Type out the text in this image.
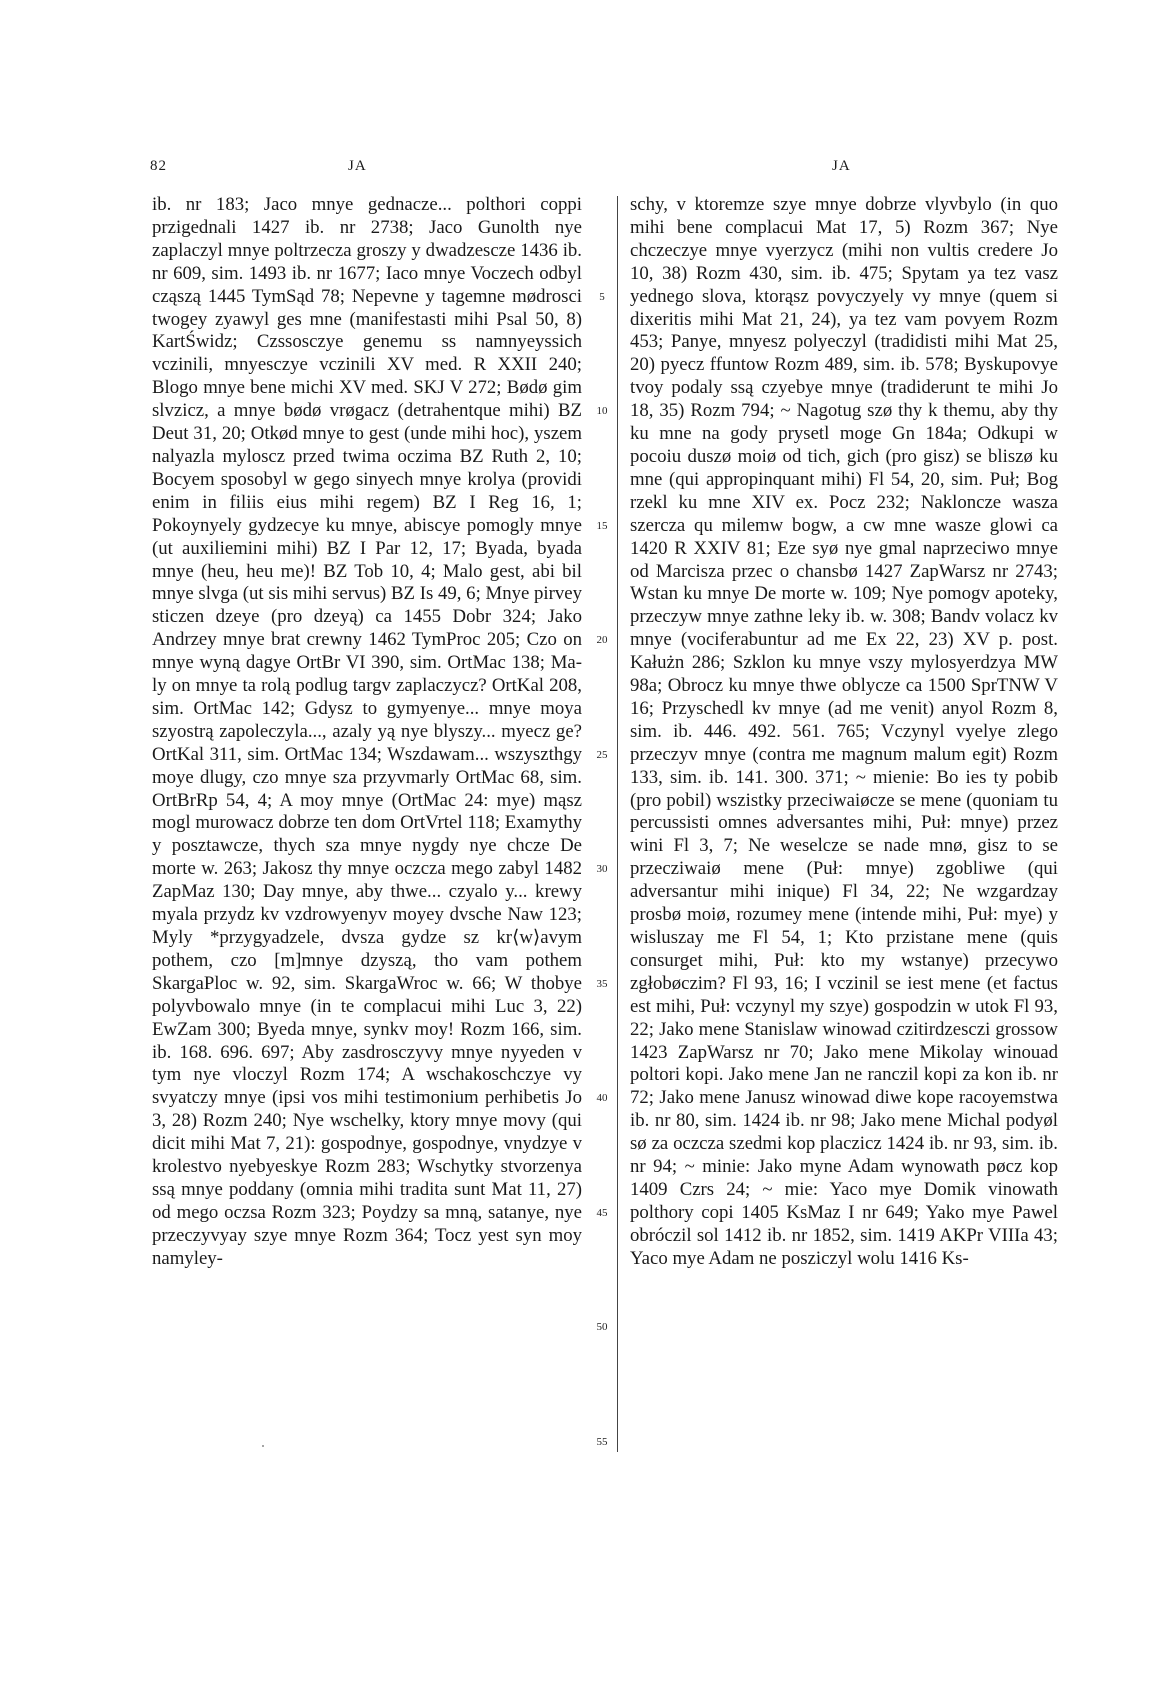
82	JA	JA

ib. nr 183; Jaco mnye gednacze... polthori coppi przigednali 1427 ib. nr 2738; Jaco Gunolth nye zaplaczyl mnye poltrzecza groszy y dwadzescze 1436 ib. nr 609, sim. 1493 ib. nr 1677; Iaco mnye Voczech odbyl cząszą 1445 TymSąd 78; Nepevne y tagemne mødrosci twogey zyawyl ges mne (manifestasti mihi Psal 50, 8) KartŚwidz; Czssosczye genemu ss namnyeyssich vczinili, mnyesczye vczinili XV med. R XXII 240; Blogo mnye bene michi XV med. SKJ V 272; Bødø gim slvzicz, a mnye bødø vrøgacz (detrahentque mihi) BZ Deut 31, 20; Otkød mnye to gest (unde mihi hoc), yszem nalyazla myloscz przed twima oczima BZ Ruth 2, 10; Bocyem sposobyl w gego sinyech mnye krolya (providi enim in filiis eius mihi regem) BZ I Reg 16, 1; Pokoynyely gydzecye ku mnye, abiscye pomogly mnye (ut auxiliemini mihi) BZ I Par 12, 17; Byada, byada mnye (heu, heu me)! BZ Tob 10, 4; Malo gest, abi bil mnye slvga (ut sis mihi servus) BZ Is 49, 6; Mnye pirvey sticzen dzeye (pro dzeyą) ca 1455 Dobr 324; Jako Andrzey mnye brat crewny 1462 TymProc 205; Czo on mnye wyną dagye OrtBr VI 390, sim. OrtMac 138; Ma-ly on mnye ta rolą podlug targv zaplaczycz? OrtKal 208, sim. OrtMac 142; Gdysz to gymyenye... mnye moya szyostrą zapoleczyla..., azaly yą nye blyszy... myecz ge? OrtKal 311, sim. OrtMac 134; Wszdawam... wszyszthgy moye dlugy, czo mnye sza przyvmarly OrtMac 68, sim. OrtBrRp 54, 4; A moy mnye (OrtMac 24: mye) mąsz mogl murowacz dobrze ten dom OrtVrtel 118; Examythy y posztawcze, thych sza mnye nygdy nye chcze De morte w. 263; Jakosz thy mnye oczcza mego zabyl 1482 ZapMaz 130; Day mnye, aby thwe... czyalo y... krewy myala przydz kv vzdrowyenyv moyey dvsche Naw 123; Myly *przygyadzele, dvsza gydze sz kr⟨w⟩avym pothem, czo [m]mnye dzyszą, tho vam pothem SkargaPloc w. 92, sim. SkargaWroc w. 66; W thobye polyvbowalo mnye (in te complacui mihi Luc 3, 22) EwZam 300; Byeda mnye, synkv moy! Rozm 166, sim. ib. 168. 696. 697; Aby zasdrosczyvy mnye nyyeden v tym nye vloczyl Rozm 174; A wschakoschczye vy svyatczy mnye (ipsi vos mihi testimonium perhibetis Jo 3, 28) Rozm 240; Nye wschelky, ktory mnye movy (qui dicit mihi Mat 7, 21): gospodnye, gospodnye, vnydzye v krolestvo nyebyeskye Rozm 283; Wschytky stvorzenya ssą mnye poddany (omnia mihi tradita sunt Mat 11, 27) od mego oczsa Rozm 323; Poydzy sa mną, satanye, nye przeczyvyay szye mnye Rozm 364; Tocz yest syn moy namyley-

5
10
15
20
25
30
35
40
45
50
55

schy, v ktoremze szye mnye dobrze vlyvbylo (in quo mihi bene complacui Mat 17, 5) Rozm 367; Nye chczeczye mnye vyerzycz (mihi non vultis credere Jo 10, 38) Rozm 430, sim. ib. 475; Spytam ya tez vasz yednego slova, ktorąsz povyczyely vy mnye (quem si dixeritis mihi Mat 21, 24), ya tez vam povyem Rozm 453; Panye, mnyesz polyeczyl (tradidisti mihi Mat 25, 20) pyecz ffuntow Rozm 489, sim. ib. 578; Byskupovye tvoy podaly ssą czyebye mnye (tradiderunt te mihi Jo 18, 35) Rozm 794; ~ Nagotug szø thy k themu, aby thy ku mne na gody prysetl moge Gn 184a; Odkupi w pocoiu duszø moiø od tich, gich (pro gisz) se bliszø ku mne (qui appropinquant mihi) Fl 54, 20, sim. Puł; Bog rzekl ku mne XIV ex. Pocz 232; Naklonczе wasza szercza qu milemw bogw, a cw mne wasze glowi ca 1420 R XXIV 81; Eze syø nye gmal naprzeciwo mnye od Marcisza przec o chansbø 1427 ZapWarsz nr 2743; Wstan ku mnye De morte w. 109; Nye pomogv apoteky, przeczyw mnye zathne leky ib. w. 308; Bandv volacz kv mnye (vociferabuntur ad me Ex 22, 23) XV p. post. Kałużn 286; Szklon ku mnye vszy mylosyerdzya MW 98a; Obrocz ku mnye thwe oblycze ca 1500 SprTNW V 16; Przyschedl kv mnye (ad me venit) anyol Rozm 8, sim. ib. 446. 492. 561. 765; Vczynyl vyelye zlego przeczyv mnye (contra me magnum malum egit) Rozm 133, sim. ib. 141. 300. 371; ~ mienie: Bo ies ty pobib (pro pobil) wszistky przeciwaiøcze se mene (quoniam tu percussisti omnes adversantes mihi, Puł: mnye) przez wini Fl 3, 7; Ne weselcze se nade mnø, gisz to se przecziwaiø mene (Puł: mnye) zgobliwe (qui adversantur mihi inique) Fl 34, 22; Ne wzgardzay prosbø moiø, rozumey mene (intende mihi, Puł: mye) y wisluszay me Fl 54, 1; Kto przistane mene (quis consurget mihi, Puł: kto my wstanye) przecywo zgłobøczim? Fl 93, 16; I vczinil se iest mene (et factus est mihi, Puł: vczynyl my szye) gospodzin w utok Fl 93, 22; Jako mene Stanislaw winowad czitirdzesczi grossow 1423 ZapWarsz nr 70; Jako mene Mikolay winouad poltori kopi. Jako mene Jan ne ranczil kopi za kon ib. nr 72; Jako mene Janusz winowad diwe kope racoyemstwa ib. nr 80, sim. 1424 ib. nr 98; Jako mene Michal podyøl sø za oczcza szedmi kop placzicz 1424 ib. nr 93, sim. ib. nr 94; ~ minie: Jako myne Adam wynowath pøcz kop 1409 Czrs 24; ~ mie: Yaco mye Domik vinowath polthory copi 1405 KsMaz I nr 649; Yako mye Pawel obróczil sol 1412 ib. nr 1852, sim. 1419 AKPr VIIIa 43; Yaco mye Adam ne posziczyl wolu 1416 Ks-
